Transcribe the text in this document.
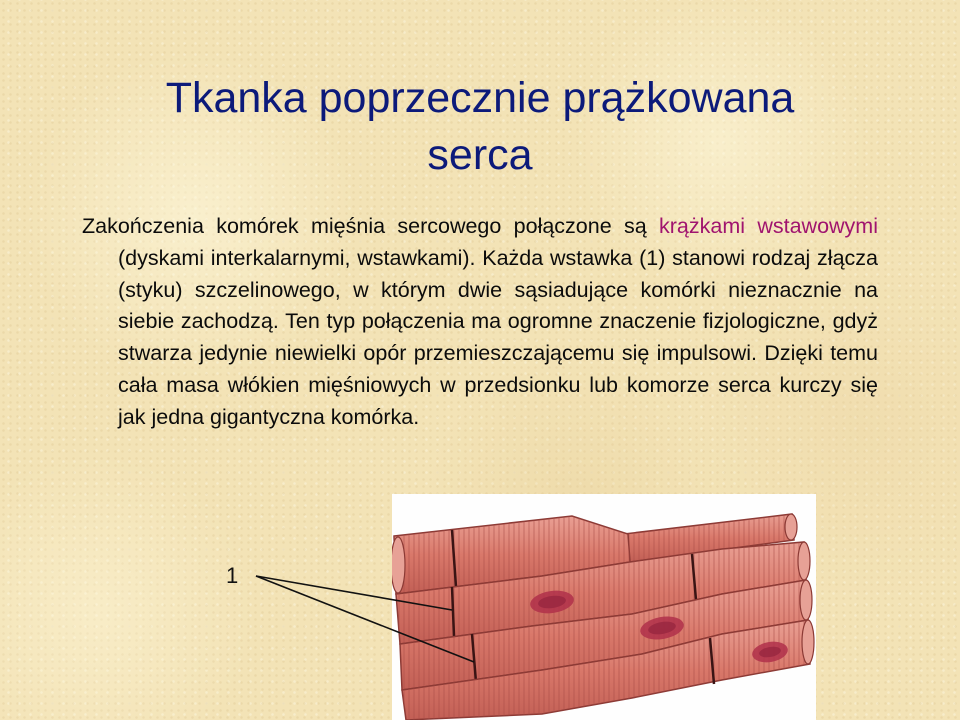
Tkanka poprzecznie prążkowana
serca

Zakończenia komórek mięśnia sercowego połączone są krążkami wstawowymi (dyskami interkalarnymi, wstawkami). Każda wstawka (1) stanowi rodzaj złącza (styku) szczelinowego, w którym dwie sąsiadujące komórki nieznacznie na siebie zachodzą. Ten typ połączenia ma ogromne znaczenie fizjologiczne, gdyż stwarza jedynie niewielki opór przemieszczającemu się impulsowi. Dzięki temu cała masa włókien mięśniowych w przedsionku lub komorze serca kurczy się jak jedna gigantyczna komórka.

1
